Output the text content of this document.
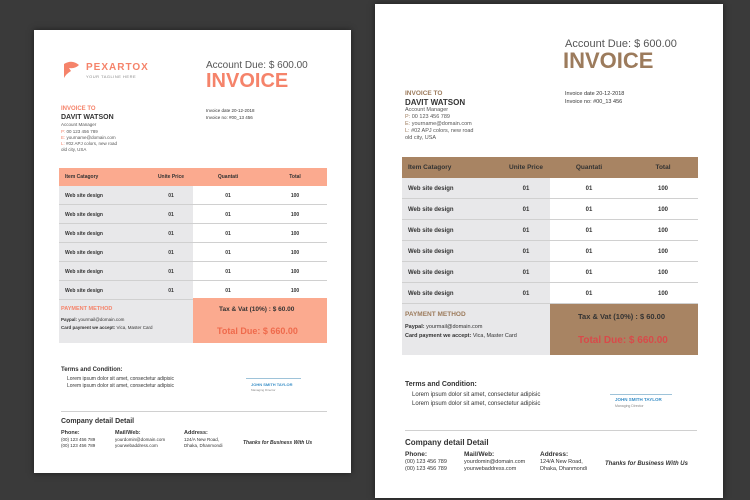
PEXARTOX
YOUR TAGLINE HERE
Account Due: $ 600.00
INVOICE
INVOICE TO
DAVIT WATSON
Account Manager
P: 00 123 456 789
E: yourname@domain.com
L: #02 APJ colors, new road
old city, USA
Invoice date 20-12-2018
Invoice no: #00_13 456
Item Catagory	Unite Price	Quantati	Total
Web site design	01	01	100
Web site design	01	01	100
Web site design	01	01	100
Web site design	01	01	100
Web site design	01	01	100
Web site design	01	01	100
PAYMENT METHOD
Paypal: yourmail@domain.com
Card payment we accept: Vica, Master Card
Tax & Vat (10%) : $ 60.00
Total Due: $ 660.00
Terms and Condition:
Lorem ipsum dolor sit amet, consectetur adipisic
Lorem ipsum dolor sit amet, consectetur adipisic	JOHN SMITH TAYLOR
Managing Director
Company detail Detail
Phone:
(00) 123 456 789
(00) 123 456 789
Mail/Web:
yourdomin@domain.com
yourwebaddress.com
Address:
124/A New Road,
Dhaka, Dhanmondi	Thanks for Business With Us
Account Due: $ 600.00
INVOICE
INVOICE TO
DAVIT WATSON
Account Manager
P: 00 123 456 789
E: yourname@domain.com
L: #02 APJ colors, new road
old city, USA
Invoice date 20-12-2018
Invoice no: #00_13 456
Item Catagory	Unite Price	Quantati	Total
Web site design	01	01	100
Web site design	01	01	100
Web site design	01	01	100
Web site design	01	01	100
Web site design	01	01	100
Web site design	01	01	100
PAYMENT METHOD
Paypal: yourmail@domain.com
Card payment we accept: Vica, Master Card
Tax & Vat (10%) : $ 60.00
Total Due: $ 660.00
Terms and Condition:
Lorem ipsum dolor sit amet, consectetur adipisic
Lorem ipsum dolor sit amet, consectetur adipisic
JOHN SMITH TAYLOR
Managing Director
Company detail Detail
Phone:
(00) 123 456 789
(00) 123 456 789
Mail/Web:
yourdomin@domain.com
yourwebaddress.com
Address:
124/A New Road,
Dhaka, Dhanmondi
Thanks for Business With Us
